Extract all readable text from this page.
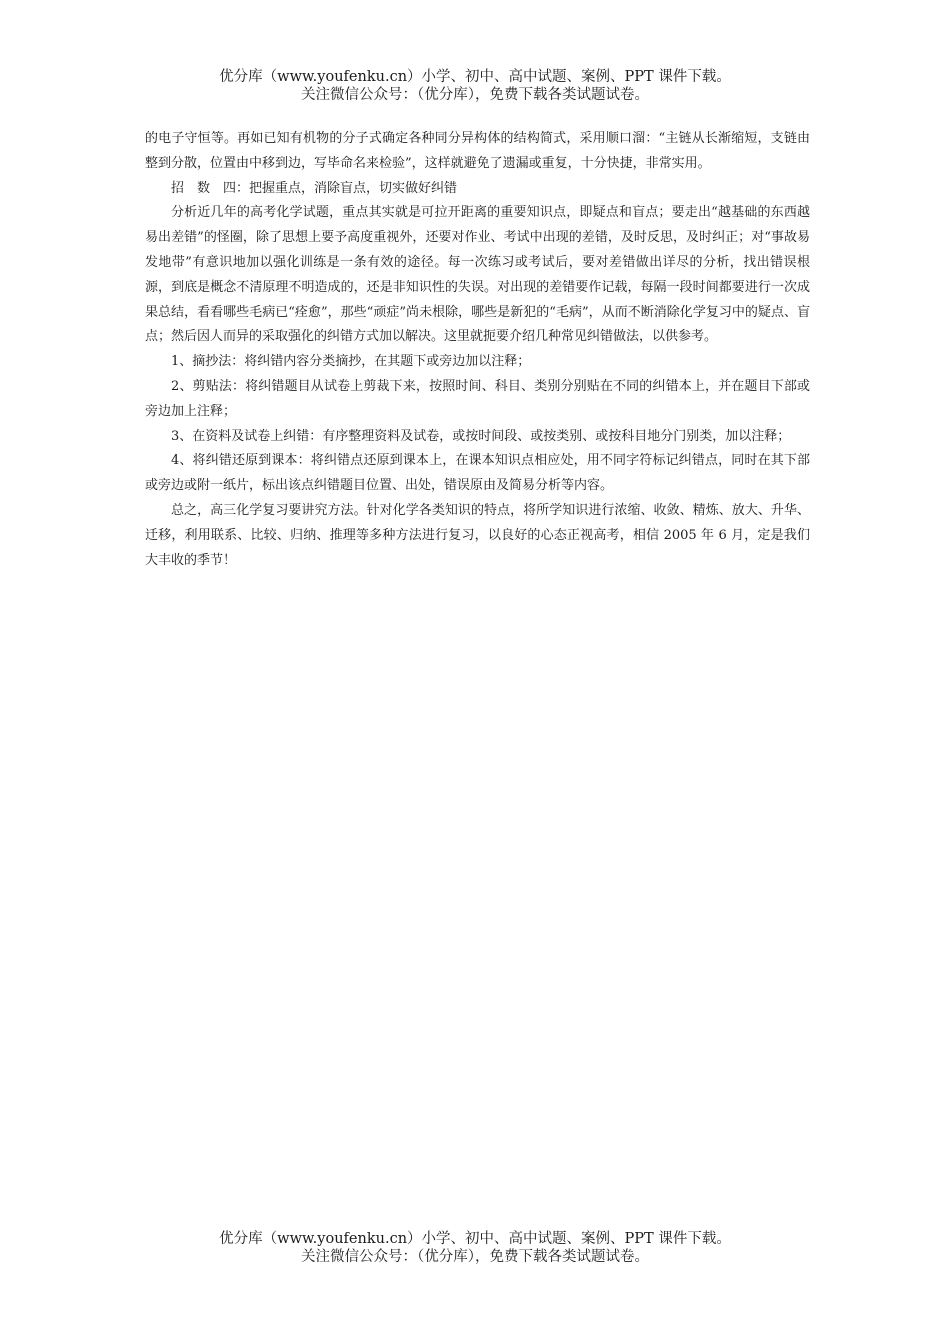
优分库（www.youfenku.cn）小学、初中、高中试题、案例、PPT 课件下载。
关注微信公众号：（优分库），免费下载各类试题试卷。

的电子守恒等。再如已知有机物的分子式确定各种同分异构体的结构简式，采用顺口溜：“主链从长渐缩短，支链由整到分散，位置由中移到边，写毕命名来检验”，这样就避免了遗漏或重复，十分快捷，非常实用。

招　数　四：把握重点，消除盲点，切实做好纠错

分析近几年的高考化学试题，重点其实就是可拉开距离的重要知识点，即疑点和盲点；要走出“越基础的东西越易出差错”的怪圈，除了思想上要予高度重视外，还要对作业、考试中出现的差错，及时反思，及时纠正；对“事故易发地带”有意识地加以强化训练是一条有效的途径。每一次练习或考试后，要对差错做出详尽的分析，找出错误根源，到底是概念不清原理不明造成的，还是非知识性的失误。对出现的差错要作记载，每隔一段时间都要进行一次成果总结，看看哪些毛病已“痊愈”，那些“顽症”尚未根除，哪些是新犯的“毛病”，从而不断消除化学复习中的疑点、盲点；然后因人而异的采取强化的纠错方式加以解决。这里就扼要介绍几种常见纠错做法，以供参考。

1、摘抄法：将纠错内容分类摘抄，在其题下或旁边加以注释；

2、剪贴法：将纠错题目从试卷上剪裁下来，按照时间、科目、类别分别贴在不同的纠错本上，并在题目下部或旁边加上注释；

3、在资料及试卷上纠错：有序整理资料及试卷，或按时间段、或按类别、或按科目地分门别类，加以注释；

4、将纠错还原到课本：将纠错点还原到课本上，在课本知识点相应处，用不同字符标记纠错点，同时在其下部或旁边或附一纸片，标出该点纠错题目位置、出处，错误原由及简易分析等内容。

总之，高三化学复习要讲究方法。针对化学各类知识的特点，将所学知识进行浓缩、收敛、精炼、放大、升华、迁移，利用联系、比较、归纳、推理等多种方法进行复习，以良好的心态正视高考，相信 2005 年 6 月，定是我们大丰收的季节！

优分库（www.youfenku.cn）小学、初中、高中试题、案例、PPT 课件下载。
关注微信公众号：（优分库），免费下载各类试题试卷。
